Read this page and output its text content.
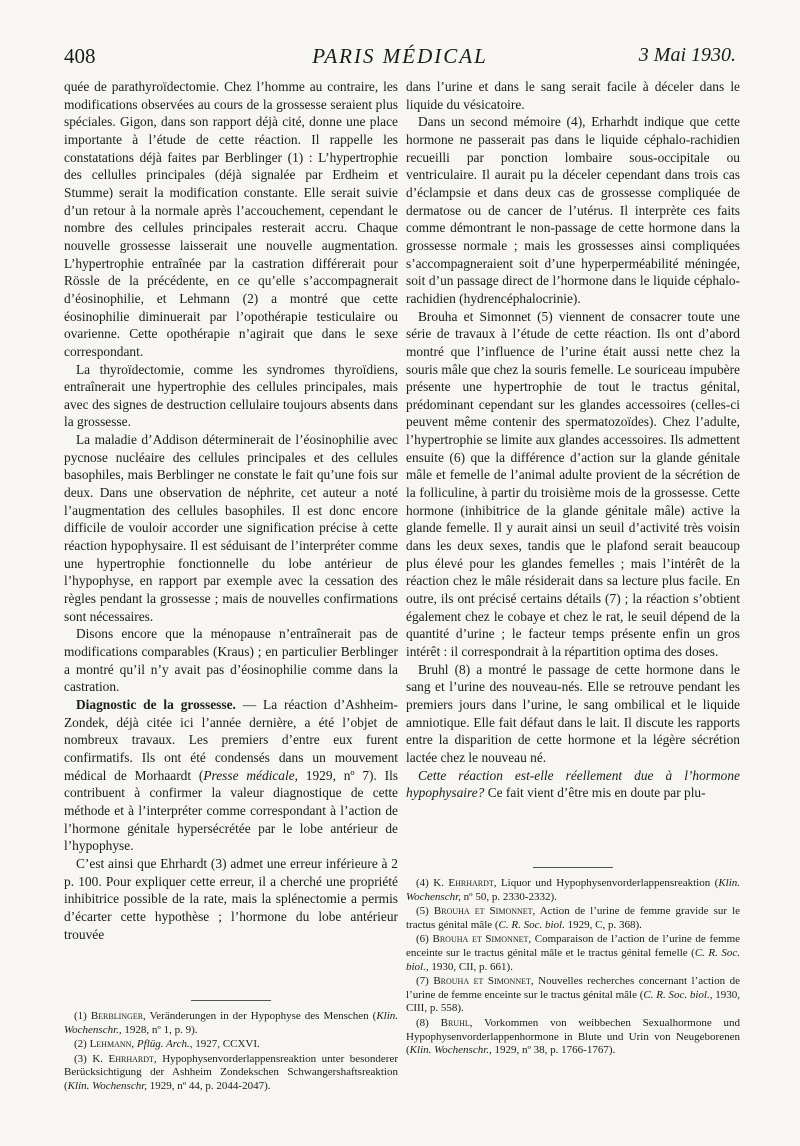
408	PARIS MÉDICAL	3 Mai 1930.

quée de parathyroïdectomie. Chez l’homme au contraire, les modifications observées au cours de la grossesse seraient plus spéciales. Gigon, dans son rapport déjà cité, donne une place importante à l’étude de cette réaction. Il rappelle les constatations déjà faites par Berblinger (1) : L’hypertrophie des cellulles principales (déjà signalée par Erdheim et Stumme) serait la modification constante. Elle serait suivie d’un retour à la normale après l’accouchement, cependant le nombre des cellules principales resterait accru. Chaque nouvelle grossesse laisserait une nouvelle augmentation. L’hypertrophie entraînée par la castration différerait pour Rössle de la précédente, en ce qu’elle s’accompagnerait d’éosinophilie, et Lehmann (2) a montré que cette éosinophilie diminuerait par l’opothérapie testiculaire ou ovarienne. Cette opothérapie n’agirait que dans le sexe correspondant.

La thyroïdectomie, comme les syndromes thyroïdiens, entraînerait une hypertrophie des cellules principales, mais avec des signes de destruction cellulaire toujours absents dans la grossesse.

La maladie d’Addison déterminerait de l’éosinophilie avec pycnose nucléaire des cellules principales et des cellules basophiles, mais Berblinger ne constate le fait qu’une fois sur deux. Dans une observation de néphrite, cet auteur a noté l’augmentation des cellules basophiles. Il est donc encore difficile de vouloir accorder une signification précise à cette réaction hypophysaire. Il est séduisant de l’interpréter comme une hypertrophie fonctionnelle du lobe antérieur de l’hypophyse, en rapport par exemple avec la cessation des règles pendant la grossesse ; mais de nouvelles confirmations sont nécessaires.

Disons encore que la ménopause n’entraînerait pas de modifications comparables (Kraus) ; en particulier Berblinger a montré qu’il n’y avait pas d’éosinophilie comme dans la castration.

Diagnostic de la grossesse. — La réaction d’Ashheim-Zondek, déjà citée ici l’année dernière, a été l’objet de nombreux travaux. Les premiers d’entre eux furent confirmatifs. Ils ont été condensés dans un mouvement médical de Morhaardt (Presse médicale, 1929, nº 7). Ils contribuent à confirmer la valeur diagnostique de cette méthode et à l’interpréter comme correspondant à l’action de l’hormone génitale hypersécrétée par le lobe antérieur de l’hypophyse.

C’est ainsi que Ehrhardt (3) admet une erreur inférieure à 2 p. 100. Pour expliquer cette erreur, il a cherché une propriété inhibitrice possible de la rate, mais la splénectomie a permis d’écarter cette hypothèse ; l’hormone du lobe antérieur trouvée

(1) Berblinger, Veränderungen in der Hypophyse des Menschen (Klin. Wochenschr., 1928, nº 1, p. 9).

(2) Lehmann, Pflüg. Arch., 1927, CCXVI.

(3) K. Ehrhardt, Hypophysenvorderlappensreaktion unter besonderer Berücksichtigung der Ashheim Zondekschen Schwangershaftsreaktion (Klin. Wochenschr, 1929, nº 44, p. 2044-2047).

dans l’urine et dans le sang serait facile à déceler dans le liquide du vésicatoire.

Dans un second mémoire (4), Erharhdt indique que cette hormone ne passerait pas dans le liquide céphalo-rachidien recueilli par ponction lombaire sous-occipitale ou ventriculaire. Il aurait pu la déceler cependant dans trois cas d’éclampsie et dans deux cas de grossesse compliquée de dermatose ou de cancer de l’utérus. Il interprète ces faits comme démontrant le non-passage de cette hormone dans la grossesse normale ; mais les grossesses ainsi compliquées s’accompagneraient soit d’une hyperperméabilité méningée, soit d’un passage direct de l’hormone dans le liquide céphalo-rachidien (hydrencéphalocrinie).

Brouha et Simonnet (5) viennent de consacrer toute une série de travaux à l’étude de cette réaction. Ils ont d’abord montré que l’influence de l’urine était aussi nette chez la souris mâle que chez la souris femelle. Le souriceau impubère présente une hypertrophie de tout le tractus génital, prédominant cependant sur les glandes accessoires (celles-ci peuvent même contenir des spermatozoïdes). Chez l’adulte, l’hypertrophie se limite aux glandes accessoires. Ils admettent ensuite (6) que la différence d’action sur la glande génitale mâle et femelle de l’animal adulte provient de la sécrétion de la folliculine, à partir du troisième mois de la grossesse. Cette hormone (inhibitrice de la glande génitale mâle) active la glande femelle. Il y aurait ainsi un seuil d’activité très voisin dans les deux sexes, tandis que le plafond serait beaucoup plus élevé pour les glandes femelles ; mais l’intérêt de la réaction chez le mâle résiderait dans sa lecture plus facile. En outre, ils ont précisé certains détails (7) ; la réaction s’obtient également chez le cobaye et chez le rat, le seuil dépend de la quantité d’urine ; le facteur temps présente enfin un gros intérêt : il correspondrait à la répartition optima des doses.

Bruhl (8) a montré le passage de cette hormone dans le sang et l’urine des nouveau-nés. Elle se retrouve pendant les premiers jours dans l’urine, le sang ombilical et le liquide amniotique. Elle fait défaut dans le lait. Il discute les rapports entre la disparition de cette hormone et la légère sécrétion lactée chez le nouveau né.

Cette réaction est-elle réellement due à l’hormone hypophysaire? Ce fait vient d’être mis en doute par plu-

(4) K. Ehrhardt, Liquor und Hypophysenvorderlappensreaktion (Klin. Wochenschr, nº 50, p. 2330-2332).

(5) Brouha et Simonnet, Action de l’urine de femme gravide sur le tractus génital mâle (C. R. Soc. biol. 1929, C, p. 368).

(6) Brouha et Simonnet, Comparaison de l’action de l’urine de femme enceinte sur le tractus génital mâle et le tractus génital femelle (C. R. Soc. biol., 1930, CII, p. 661).

(7) Brouha et Simonnet, Nouvelles recherches concernant l’action de l’urine de femme enceinte sur le tractus génital mâle (C. R. Soc. biol., 1930, CIII, p. 558).

(8) Bruhl, Vorkommen von weibbechen Sexualhormone und Hypophysenvorderlappenhormone in Blute und Urin von Neugeborenen (Klin. Wochenschr., 1929, nº 38, p. 1766-1767).
